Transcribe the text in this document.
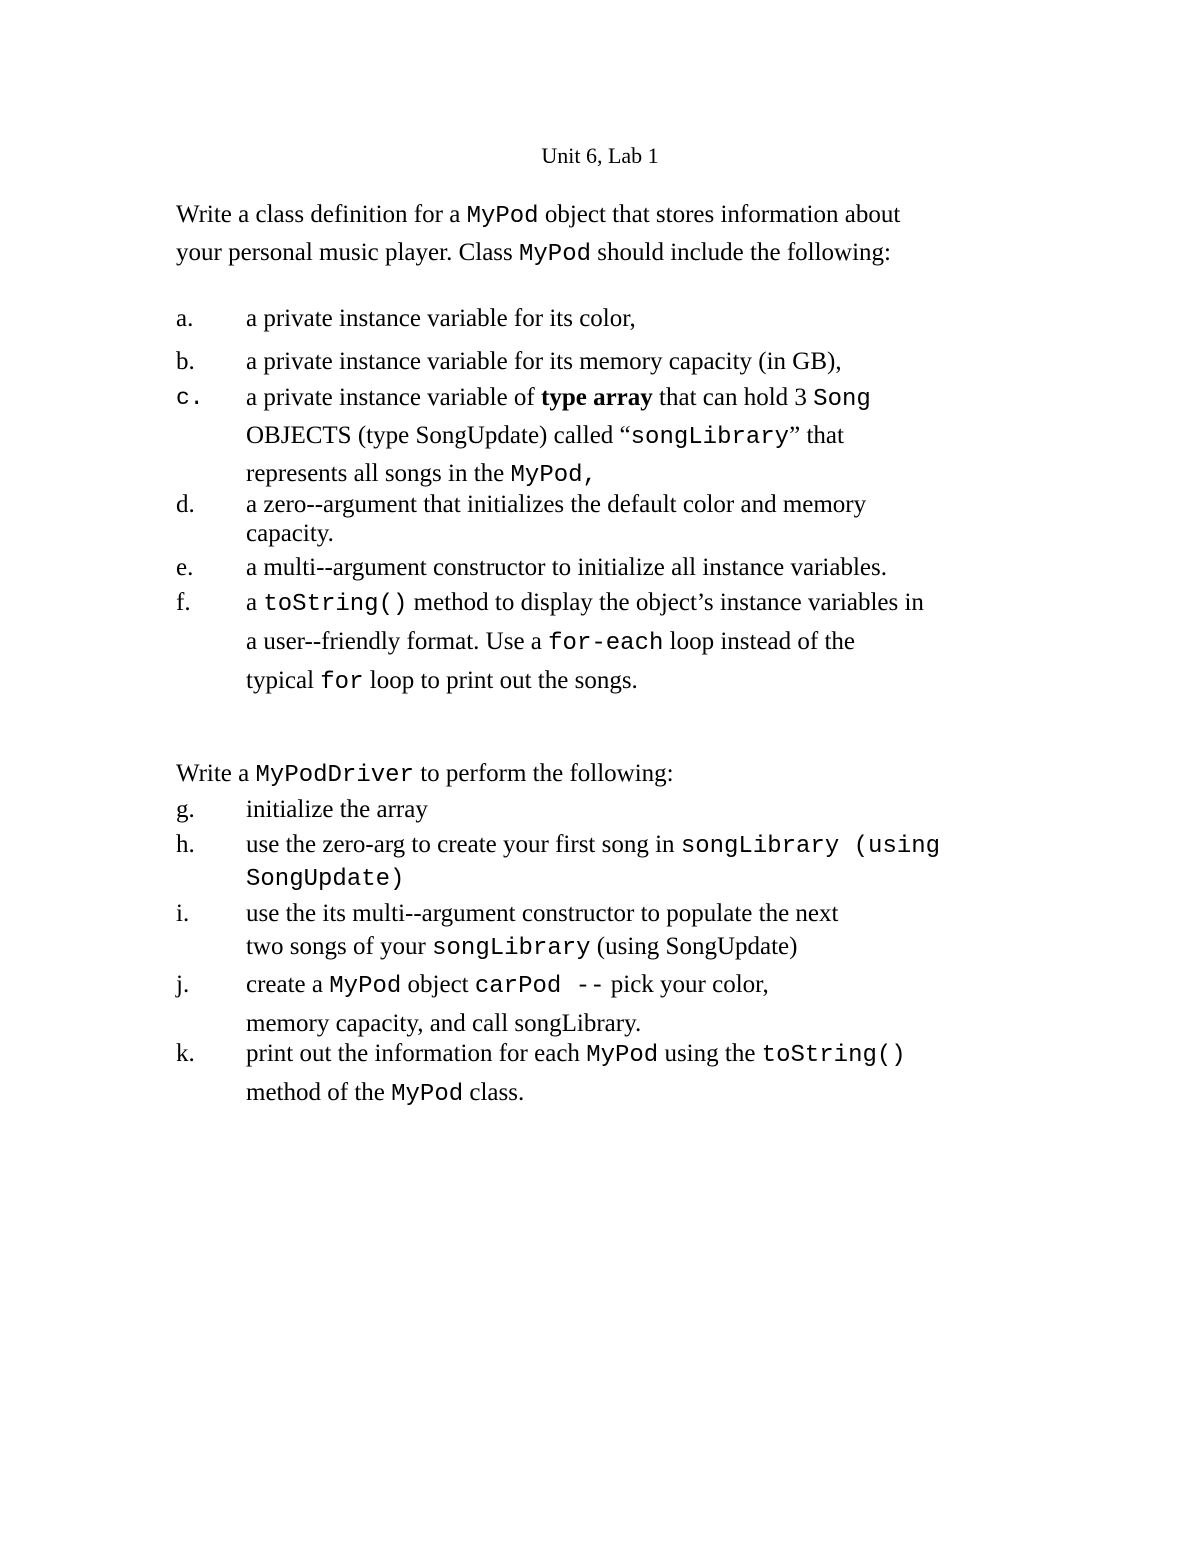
Unit 6, Lab 1
Write a class definition for a MyPod object that stores information about
your personal music player. Class MyPod should include the following:
a. a private instance variable for its color,
b. a private instance variable for its memory capacity (in GB),
c. a private instance variable of type array that can hold 3 Song
OBJECTS (type SongUpdate) called “songLibrary” that
represents all songs in the MyPod,
d. a zero--argument that initializes the default color and memory
capacity.
e. a multi--argument constructor to initialize all instance variables.
f. a toString() method to display the object’s instance variables in
a user--friendly format. Use a for-each loop instead of the
typical for loop to print out the songs.
Write a MyPodDriver to perform the following:
g. initialize the array
h. use the zero-arg to create your first song in songLibrary (using
SongUpdate)
i. use the its multi--argument constructor to populate the next
two songs of your songLibrary (using SongUpdate)
j. create a MyPod object carPod -- pick your color,
memory capacity, and call songLibrary.
k. print out the information for each MyPod using the toString()
method of the MyPod class.
